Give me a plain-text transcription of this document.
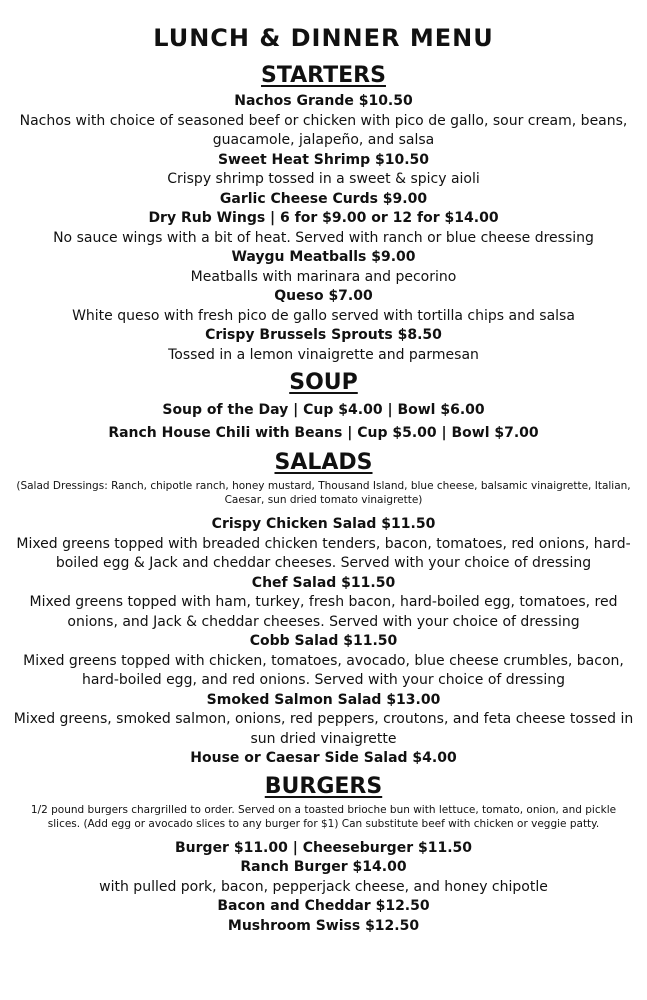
LUNCH & DINNER MENU
STARTERS
Nachos Grande $10.50
Nachos with choice of seasoned beef or chicken with pico de gallo, sour cream, beans, guacamole, jalapeño, and salsa
Sweet Heat Shrimp $10.50
Crispy shrimp tossed in a sweet & spicy aioli
Garlic Cheese Curds $9.00
Dry Rub Wings | 6 for $9.00 or 12 for $14.00
No sauce wings with a bit of heat. Served with ranch or blue cheese dressing
Waygu Meatballs $9.00
Meatballs with marinara and pecorino
Queso $7.00
White queso with fresh pico de gallo served with tortilla chips and salsa
Crispy Brussels Sprouts $8.50
Tossed in a lemon vinaigrette and parmesan
SOUP
Soup of the Day | Cup $4.00 | Bowl $6.00
Ranch House Chili with Beans | Cup $5.00 | Bowl $7.00
SALADS
(Salad Dressings: Ranch, chipotle ranch, honey mustard, Thousand Island, blue cheese, balsamic vinaigrette, Italian, Caesar, sun dried tomato vinaigrette)
Crispy Chicken Salad $11.50
Mixed greens topped with breaded chicken tenders, bacon, tomatoes, red onions, hard-boiled egg & Jack and cheddar cheeses. Served with your choice of dressing
Chef Salad $11.50
Mixed greens topped with ham, turkey, fresh bacon, hard-boiled egg, tomatoes, red onions, and Jack & cheddar cheeses. Served with your choice of dressing
Cobb Salad $11.50
Mixed greens topped with chicken, tomatoes, avocado, blue cheese crumbles, bacon, hard-boiled egg, and red onions. Served with your choice of dressing
Smoked Salmon Salad $13.00
Mixed greens, smoked salmon, onions, red peppers, croutons, and feta cheese tossed in sun dried vinaigrette
House or Caesar Side Salad $4.00
BURGERS
1/2 pound burgers chargrilled to order. Served on a toasted brioche bun with lettuce, tomato, onion, and pickle slices. (Add egg or avocado slices to any burger for $1) Can substitute beef with chicken or veggie patty.
Burger $11.00 | Cheeseburger $11.50
Ranch Burger $14.00
with pulled pork, bacon, pepperjack cheese, and honey chipotle
Bacon and Cheddar $12.50
Mushroom Swiss $12.50
